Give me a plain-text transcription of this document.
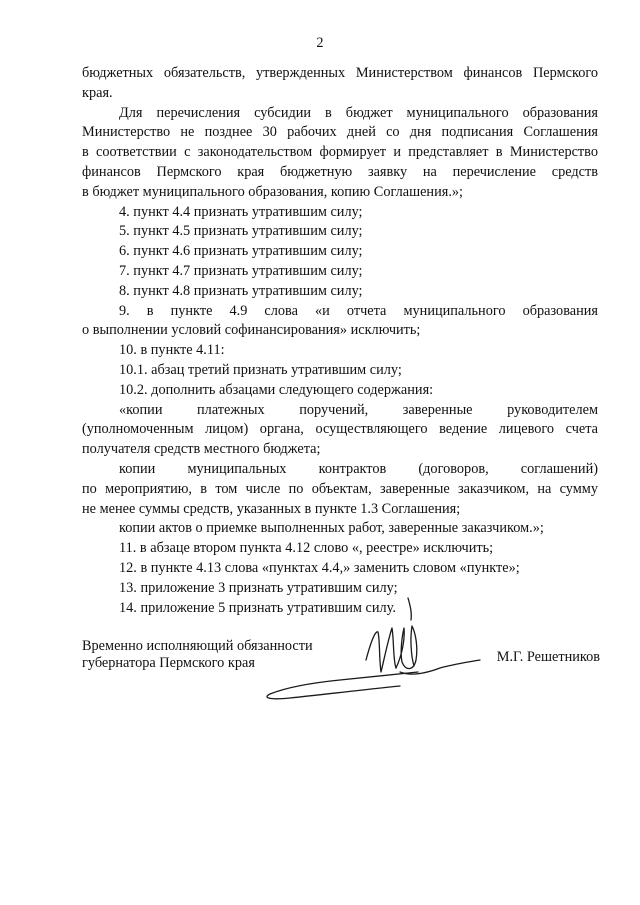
2

бюджетных обязательств, утвержденных Министерством финансов Пермского
края.

Для перечисления субсидии в бюджет муниципального образования
Министерство не позднее 30 рабочих дней со дня подписания Соглашения
в соответствии с законодательством формирует и представляет в Министерство
финансов Пермского края бюджетную заявку на перечисление средств
в бюджет муниципального образования, копию Соглашения.»;

4. пункт 4.4 признать утратившим силу;

5. пункт 4.5 признать утратившим силу;

6. пункт 4.6 признать утратившим силу;

7. пункт 4.7 признать утратившим силу;

8. пункт 4.8 признать утратившим силу;

9. в пункте 4.9 слова «и отчета муниципального образования
о выполнении условий софинансирования» исключить;

10. в пункте 4.11:

10.1. абзац третий признать утратившим силу;

10.2. дополнить абзацами следующего содержания:

«копии платежных поручений, заверенные руководителем
(уполномоченным лицом) органа, осуществляющего ведение лицевого счета
получателя средств местного бюджета;

копии муниципальных контрактов (договоров, соглашений)
по мероприятию, в том числе по объектам, заверенные заказчиком, на сумму
не менее суммы средств, указанных в пункте 1.3 Соглашения;

копии актов о приемке выполненных работ, заверенные заказчиком.»;

11. в абзаце втором пункта 4.12 слово «, реестре» исключить;

12. в пункте 4.13 слова «пунктах 4.4,» заменить словом «пункте»;

13. приложение 3 признать утратившим силу;

14. приложение 5 признать утратившим силу.

Временно исполняющий обязанности
губернатора Пермского края	М.Г. Решетников
